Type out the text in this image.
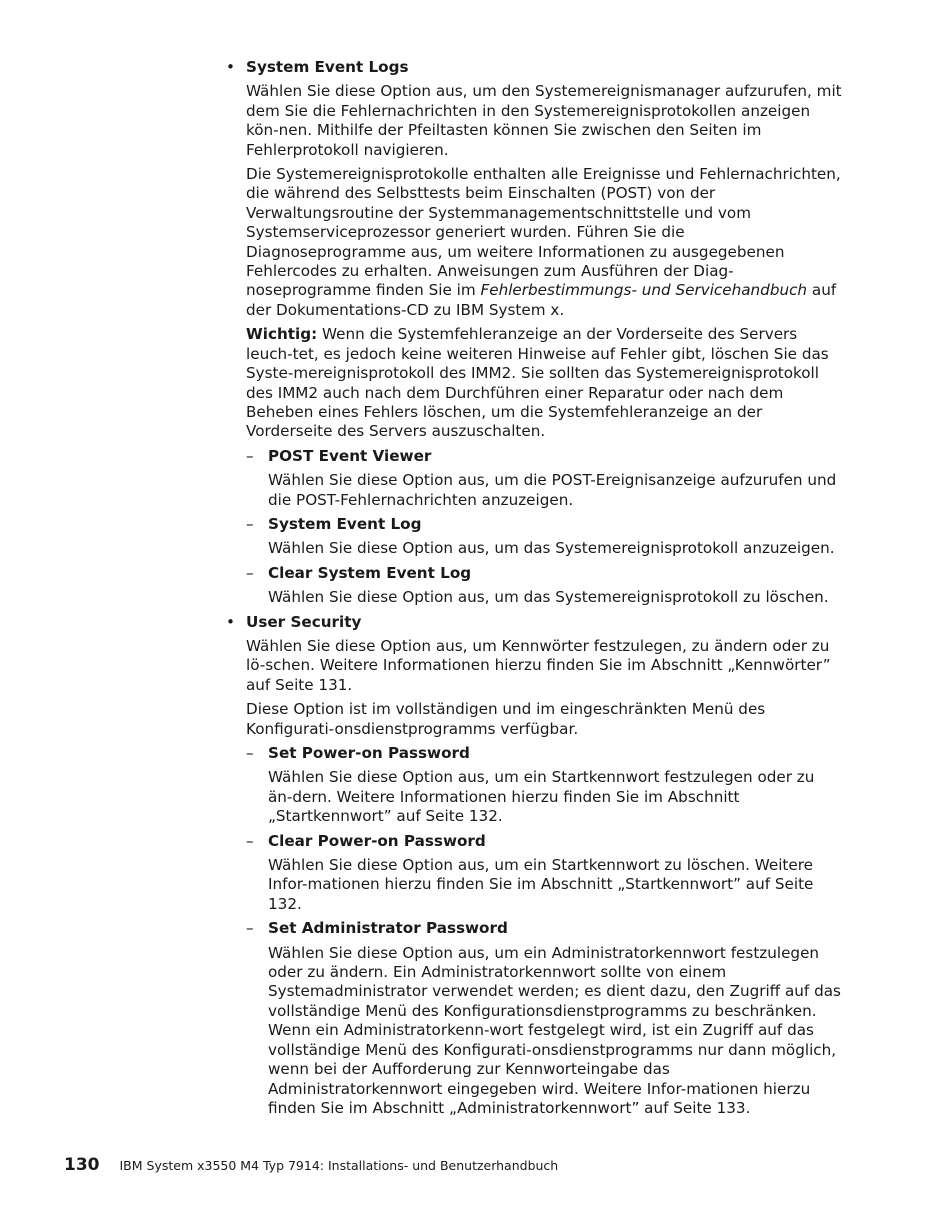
• System Event Logs

Wählen Sie diese Option aus, um den Systemereignismanager aufzurufen, mit dem Sie die Fehlernachrichten in den Systemereignisprotokollen anzeigen kön-nen. Mithilfe der Pfeiltasten können Sie zwischen den Seiten im Fehlerprotokoll navigieren.

Die Systemereignisprotokolle enthalten alle Ereignisse und Fehlernachrichten, die während des Selbsttests beim Einschalten (POST) von der Verwaltungsroutine der Systemmanagementschnittstelle und vom Systemserviceprozessor generiert wurden. Führen Sie die Diagnoseprogramme aus, um weitere Informationen zu ausgegebenen Fehlercodes zu erhalten. Anweisungen zum Ausführen der Diag-noseprogramme finden Sie im Fehlerbestimmungs- und Servicehandbuch auf der Dokumentations-CD zu IBM System x.

Wichtig: Wenn die Systemfehleranzeige an der Vorderseite des Servers leuch-tet, es jedoch keine weiteren Hinweise auf Fehler gibt, löschen Sie das Syste-mereignisprotokoll des IMM2. Sie sollten das Systemereignisprotokoll des IMM2 auch nach dem Durchführen einer Reparatur oder nach dem Beheben eines Fehlers löschen, um die Systemfehleranzeige an der Vorderseite des Servers auszuschalten.

– POST Event Viewer

Wählen Sie diese Option aus, um die POST-Ereignisanzeige aufzurufen und die POST-Fehlernachrichten anzuzeigen.

– System Event Log

Wählen Sie diese Option aus, um das Systemereignisprotokoll anzuzeigen.

– Clear System Event Log

Wählen Sie diese Option aus, um das Systemereignisprotokoll zu löschen.

• User Security

Wählen Sie diese Option aus, um Kennwörter festzulegen, zu ändern oder zu lö-schen. Weitere Informationen hierzu finden Sie im Abschnitt „Kennwörter” auf Seite 131.

Diese Option ist im vollständigen und im eingeschränkten Menü des Konfigurati-onsdienstprogramms verfügbar.

– Set Power-on Password

Wählen Sie diese Option aus, um ein Startkennwort festzulegen oder zu än-dern. Weitere Informationen hierzu finden Sie im Abschnitt „Startkennwort” auf Seite 132.

– Clear Power-on Password

Wählen Sie diese Option aus, um ein Startkennwort zu löschen. Weitere Infor-mationen hierzu finden Sie im Abschnitt „Startkennwort” auf Seite 132.

– Set Administrator Password

Wählen Sie diese Option aus, um ein Administratorkennwort festzulegen oder zu ändern. Ein Administratorkennwort sollte von einem Systemadministrator verwendet werden; es dient dazu, den Zugriff auf das vollständige Menü des Konfigurationsdienstprogramms zu beschränken. Wenn ein Administratorkenn-wort festgelegt wird, ist ein Zugriff auf das vollständige Menü des Konfigurati-onsdienstprogramms nur dann möglich, wenn bei der Aufforderung zur Kennworteingabe das Administratorkennwort eingegeben wird. Weitere Infor-mationen hierzu finden Sie im Abschnitt „Administratorkennwort” auf Seite 133.

130 IBM System x3550 M4 Typ 7914: Installations- und Benutzerhandbuch
